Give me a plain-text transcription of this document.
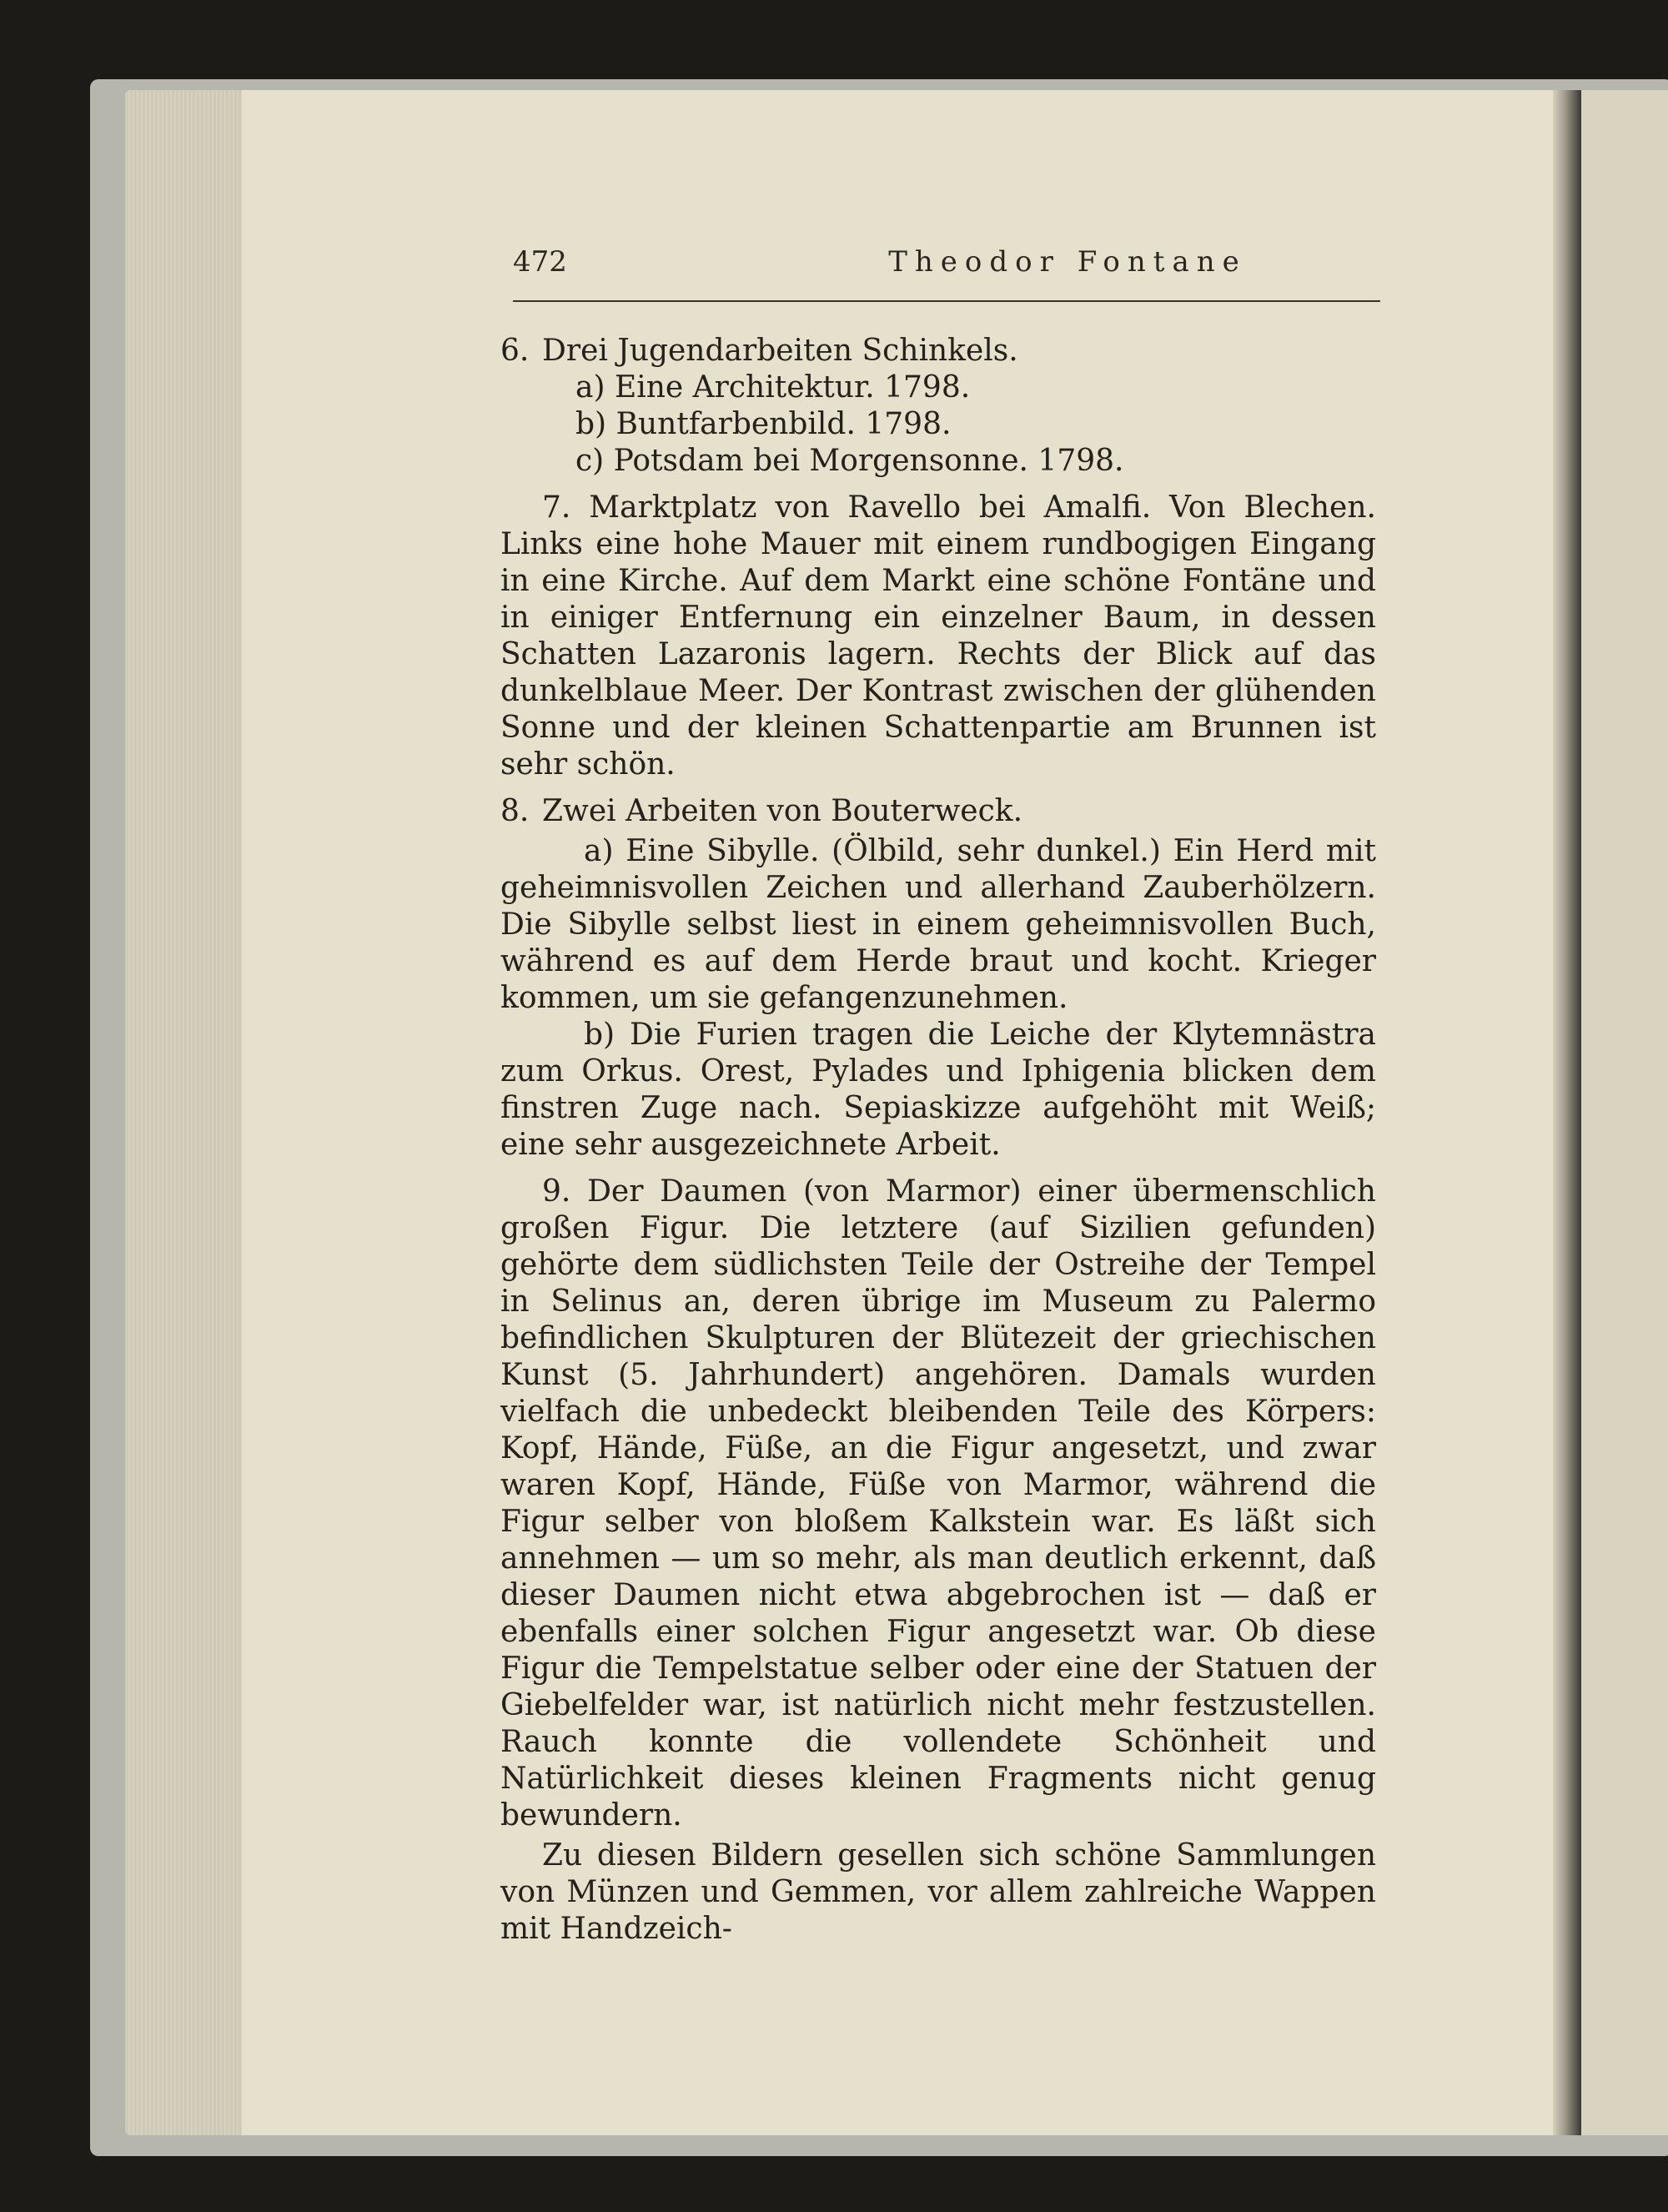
472	Theodor Fontane
6. Drei Jugendarbeiten Schinkels.
a) Eine Architektur. 1798.
b) Buntfarbenbild. 1798.
c) Potsdam bei Morgensonne. 1798.

7. Marktplatz von Ravello bei Amalfi. Von Blechen. Links eine hohe Mauer mit einem rundbogigen Eingang in eine Kirche. Auf dem Markt eine schöne Fontäne und in einiger Entfernung ein einzelner Baum, in dessen Schatten Lazaronis lagern. Rechts der Blick auf das dunkelblaue Meer. Der Kontrast zwischen der glühenden Sonne und der kleinen Schattenpartie am Brunnen ist sehr schön.

8. Zwei Arbeiten von Bouterweck.

a) Eine Sibylle. (Ölbild, sehr dunkel.) Ein Herd mit geheimnisvollen Zeichen und allerhand Zauberhölzern. Die Sibylle selbst liest in einem geheimnisvollen Buch, während es auf dem Herde braut und kocht. Krieger kommen, um sie gefangenzunehmen.

b) Die Furien tragen die Leiche der Klytemnästra zum Orkus. Orest, Pylades und Iphigenia blicken dem finstren Zuge nach. Sepiaskizze aufgehöht mit Weiß; eine sehr ausgezeichnete Arbeit.

9. Der Daumen (von Marmor) einer übermenschlich großen Figur. Die letztere (auf Sizilien gefunden) gehörte dem südlichsten Teile der Ostreihe der Tempel in Selinus an, deren übrige im Museum zu Palermo befindlichen Skulpturen der Blütezeit der griechischen Kunst (5. Jahrhundert) angehören. Damals wurden vielfach die unbedeckt bleibenden Teile des Körpers: Kopf, Hände, Füße, an die Figur angesetzt, und zwar waren Kopf, Hände, Füße von Marmor, während die Figur selber von bloßem Kalkstein war. Es läßt sich annehmen — um so mehr, als man deutlich erkennt, daß dieser Daumen nicht etwa abgebrochen ist — daß er ebenfalls einer solchen Figur angesetzt war. Ob diese Figur die Tempelstatue selber oder eine der Statuen der Giebelfelder war, ist natürlich nicht mehr festzustellen. Rauch konnte die vollendete Schönheit und Natürlichkeit dieses kleinen Fragments nicht genug bewundern.

Zu diesen Bildern gesellen sich schöne Sammlungen von Münzen und Gemmen, vor allem zahlreiche Wappen mit Handzeich-
